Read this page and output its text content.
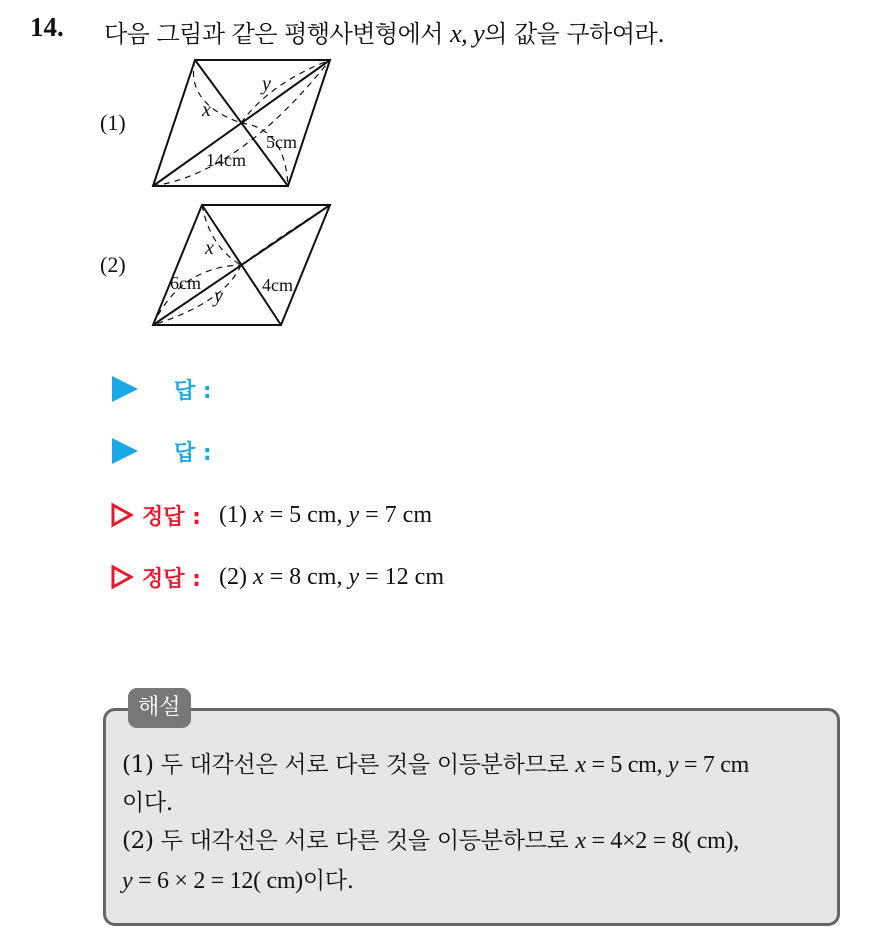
14. 다음 그림과 같은 평행사변형에서 x, y의 값을 구하여라.
(1)	x
y
5cm
14cm
(2)
x
y
6cm	4cm
답 :
답 :
정답 : (1) x = 5 cm, y = 7 cm
정답 : (2) x = 8 cm, y = 12 cm
해설
(1) 두 대각선은 서로 다른 것을 이등분하므로 x = 5 cm, y = 7 cm
이다.
(2) 두 대각선은 서로 다른 것을 이등분하므로 x = 4×2 = 8( cm),
y = 6 × 2 = 12( cm)이다.
